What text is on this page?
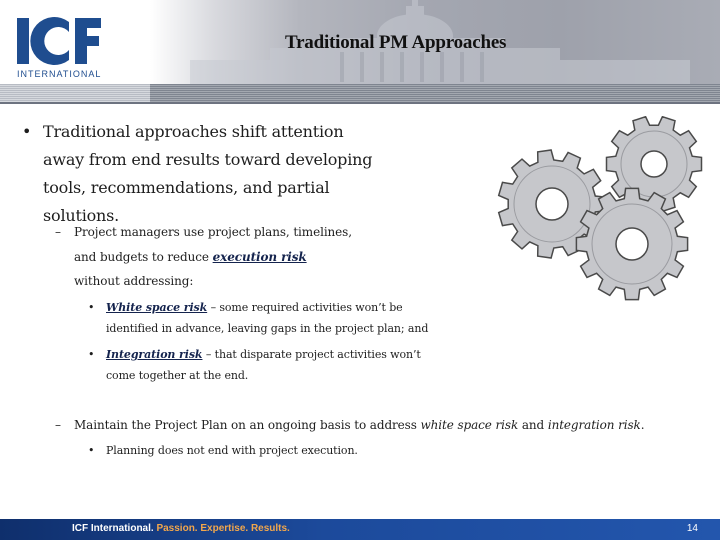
INTERNATIONAL
Traditional PM Approaches
• Traditional approaches shift attention away from end results toward developing tools, recommendations, and partial solutions.
–	Project managers use project plans, timelines, and budgets to reduce execution risk without addressing:
•	White space risk – some required activities won’t be identified in advance, leaving gaps in the project plan; and
•	Integration risk – that disparate project activities won’t come together at the end.
–	Maintain the Project Plan on an ongoing basis to address white space risk and integration risk.
•	Planning does not end with project execution.
ICF International. Passion. Expertise. Results.	14
